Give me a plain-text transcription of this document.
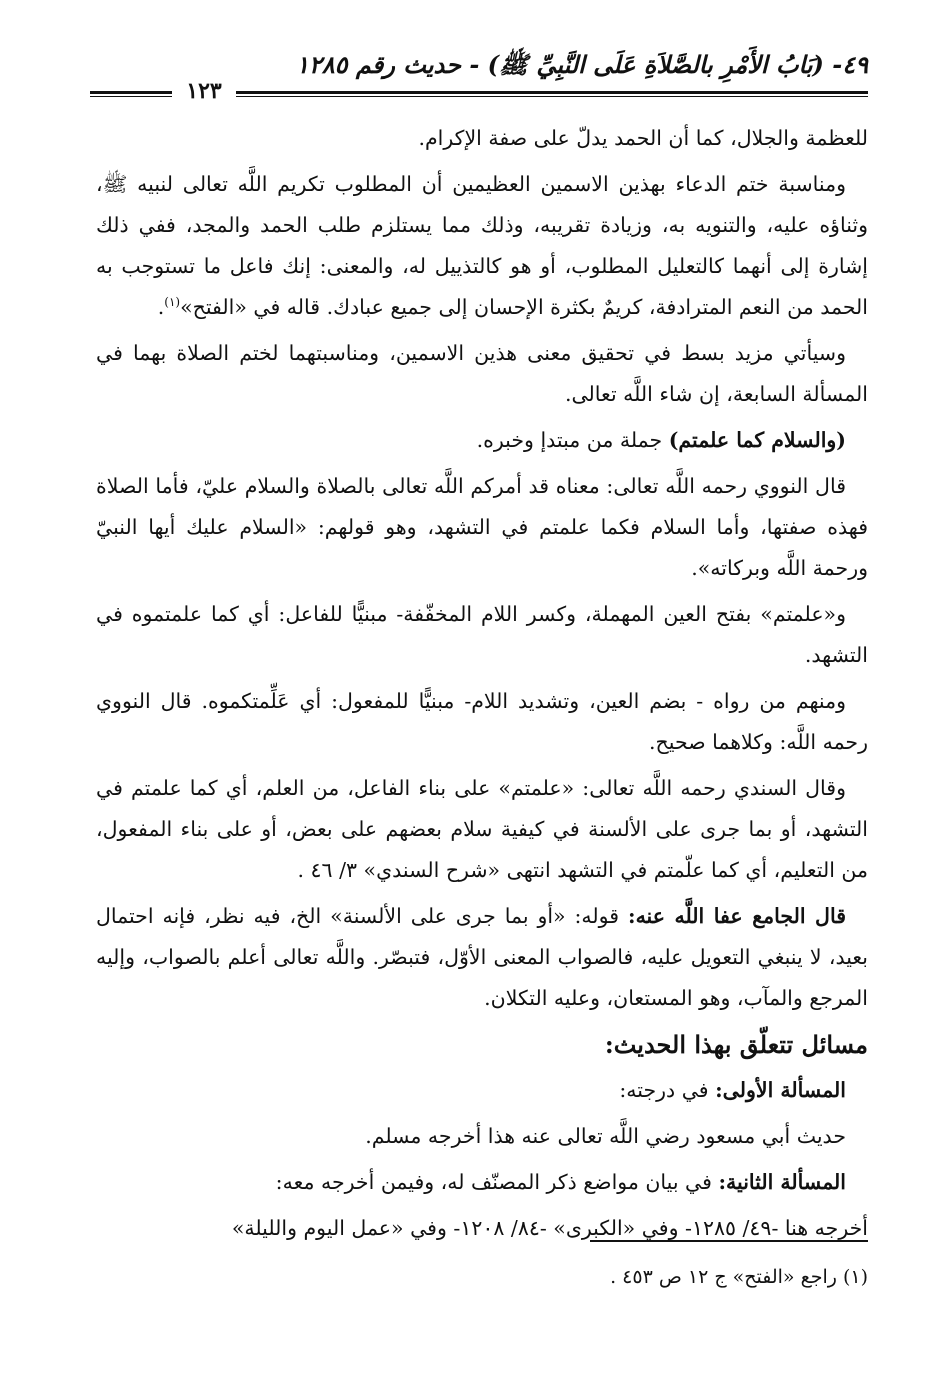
٤٩- (بَابُ الأَمْرِ بالصَّلاَةِ عَلَى النَّبِيِّ ﷺ) - حديث رقم ١٢٨٥
١٢٣

للعظمة والجلال، كما أن الحمد يدلّ على صفة الإكرام.

ومناسبة ختم الدعاء بهذين الاسمين العظيمين أن المطلوب تكريم اللَّه تعالى لنبيه ﷺ، وثناؤه عليه، والتنويه به، وزيادة تقريبه، وذلك مما يستلزم طلب الحمد والمجد، ففي ذلك إشارة إلى أنهما كالتعليل المطلوب، أو هو كالتذييل له، والمعنى: إنك فاعل ما تستوجب به الحمد من النعم المترادفة، كريمٌ بكثرة الإحسان إلى جميع عبادك. قاله في «الفتح»$^{(١)}$.

وسيأتي مزيد بسط في تحقيق معنى هذين الاسمين، ومناسبتهما لختم الصلاة بهما في المسألة السابعة، إن شاء اللَّه تعالى.

(والسلام كما علمتم) جملة من مبتدإ وخبره.

قال النووي رحمه اللَّه تعالى: معناه قد أمركم اللَّه تعالى بالصلاة والسلام عليّ، فأما الصلاة فهذه صفتها، وأما السلام فكما علمتم في التشهد، وهو قولهم: «السلام عليك أيها النبيّ ورحمة اللَّه وبركاته».

و«علمتم» بفتح العين المهملة، وكسر اللام المخفّفة- مبنيًّا للفاعل: أي كما علمتموه في التشهد.

ومنهم من رواه - بضم العين، وتشديد اللام- مبنيًّا للمفعول: أي عَلِّمتكموه. قال النووي رحمه اللَّه: وكلاهما صحيح.

وقال السندي رحمه اللَّه تعالى: «علمتم» على بناء الفاعل، من العلم، أي كما علمتم في التشهد، أو بما جرى على الألسنة في كيفية سلام بعضهم على بعض، أو على بناء المفعول، من التعليم، أي كما علّمتم في التشهد انتهى «شرح السندي» ٣/ ٤٦ .

قال الجامع عفا اللَّه عنه: قوله: «أو بما جرى على الألسنة» الخ، فيه نظر، فإنه احتمال بعيد، لا ينبغي التعويل عليه، فالصواب المعنى الأوّل، فتبصّر. واللَّه تعالى أعلم بالصواب، وإليه المرجع والمآب، وهو المستعان، وعليه التكلان.

مسائل تتعلّق بهذا الحديث:

المسألة الأولى: في درجته:

حديث أبي مسعود رضي اللَّه تعالى عنه هذا أخرجه مسلم.

المسألة الثانية: في بيان مواضع ذكر المصنّف له، وفيمن أخرجه معه:

أخرجه هنا -٤٩/ ١٢٨٥- وفي «الكبرى» -٨٤/ ١٢٠٨- وفي «عمل اليوم والليلة»

(١) راجع «الفتح» ج ١٢ ص ٤٥٣ .
